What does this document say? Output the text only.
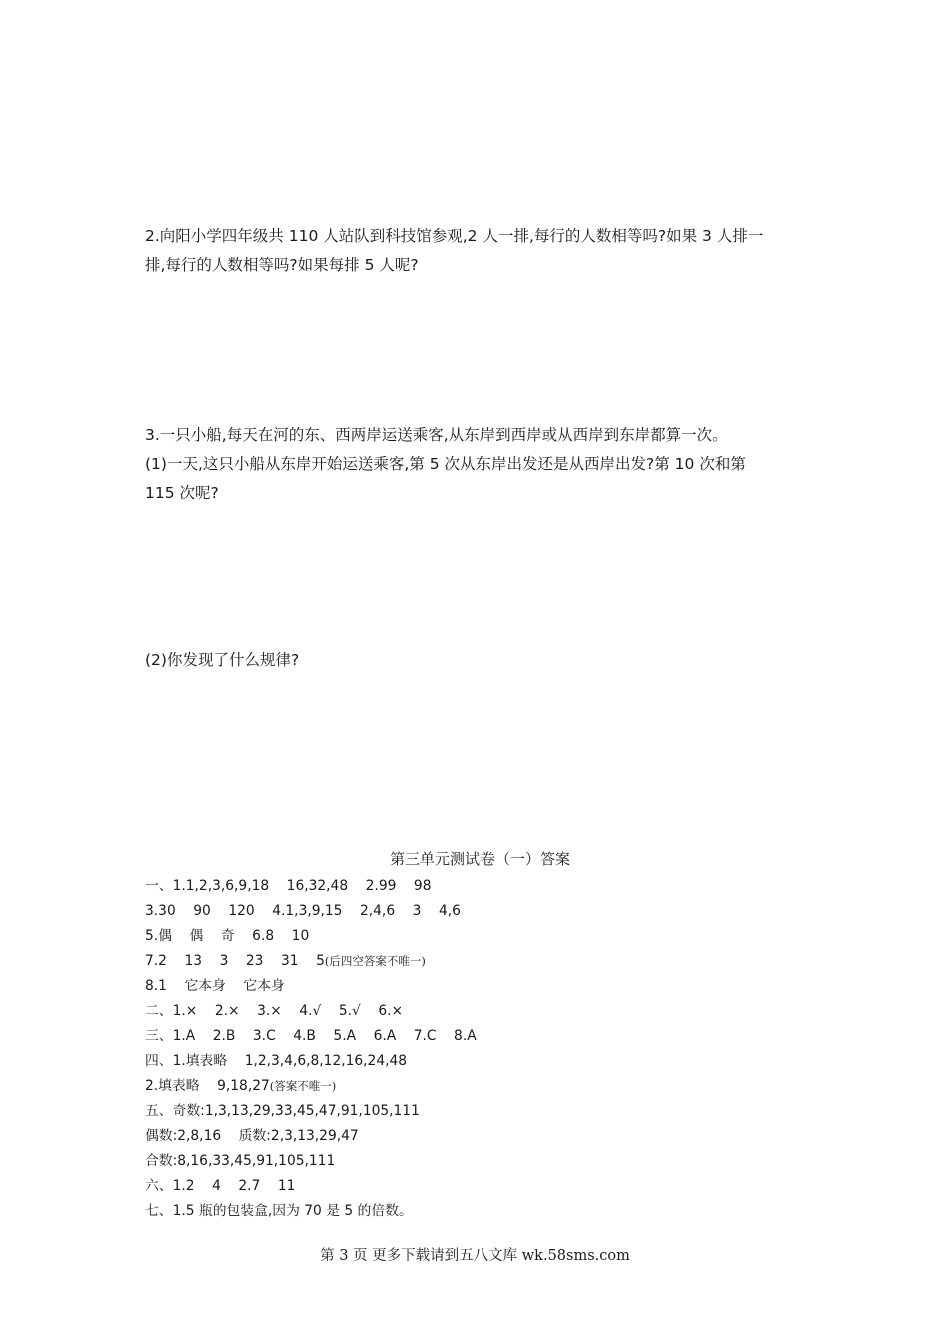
2.向阳小学四年级共 110 人站队到科技馆参观,2 人一排,每行的人数相等吗?如果 3 人排一

排,每行的人数相等吗?如果每排 5 人呢?

3.一只小船,每天在河的东、西两岸运送乘客,从东岸到西岸或从西岸到东岸都算一次。

(1)一天,这只小船从东岸开始运送乘客,第 5 次从东岸出发还是从西岸出发?第 10 次和第

115 次呢?

(2)你发现了什么规律?

第三单元测试卷（一）答案

一、1.1,2,3,6,9,18    16,32,48    2.99    98

3.30    90    120    4.1,3,9,15    2,4,6    3    4,6

5.偶    偶    奇    6.8    10

7.2    13    3    23    31    5(后四空答案不唯一)

8.1    它本身    它本身

二、1.×    2.×    3.×    4.√    5.√    6.×

三、1.A    2.B    3.C    4.B    5.A    6.A    7.C    8.A

四、1.填表略    1,2,3,4,6,8,12,16,24,48

2.填表略    9,18,27(答案不唯一)

五、奇数:1,3,13,29,33,45,47,91,105,111

偶数:2,8,16    质数:2,3,13,29,47

合数:8,16,33,45,91,105,111

六、1.2    4    2.7    11

七、1.5 瓶的包装盒,因为 70 是 5 的倍数。

第 3 页 更多下载请到五八文库 wk.58sms.com
